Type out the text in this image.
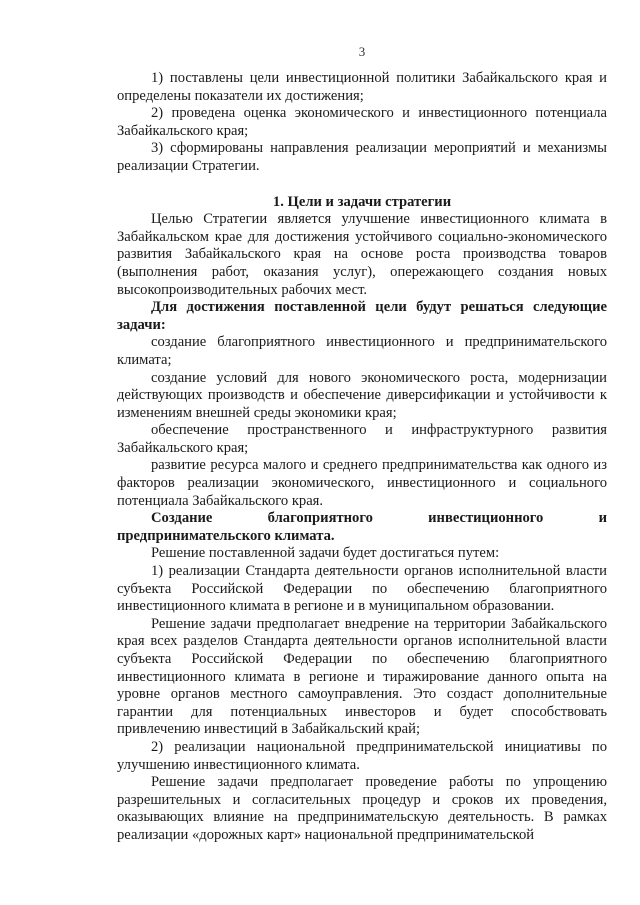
3

1) поставлены цели инвестиционной политики Забайкальского края и определены показатели их достижения;

2) проведена оценка экономического и инвестиционного потенциала Забайкальского края;

3) сформированы направления реализации мероприятий и механизмы реализации Стратегии.

1. Цели и задачи стратегии

Целью Стратегии является улучшение инвестиционного климата в Забайкальском крае для достижения устойчивого социально-экономического развития Забайкальского края на основе роста производства товаров (выполнения работ, оказания услуг), опережающего создания новых высокопроизводительных рабочих мест.

Для достижения поставленной цели будут решаться следующие задачи:

создание благоприятного инвестиционного и предпринимательского климата;

создание условий для нового экономического роста, модернизации действующих производств и обеспечение диверсификации и устойчивости к изменениям внешней среды экономики края;

обеспечение пространственного и инфраструктурного развития Забайкальского края;

развитие ресурса малого и среднего предпринимательства как одного из факторов реализации экономического, инвестиционного и социального потенциала Забайкальского края.

Создание благоприятного инвестиционного и предпринимательского климата.

Решение поставленной задачи будет достигаться путем:

1) реализации Стандарта деятельности органов исполнительной власти субъекта Российской Федерации по обеспечению благоприятного инвестиционного климата в регионе и в муниципальном образовании.

Решение задачи предполагает внедрение на территории Забайкальского края всех разделов Стандарта деятельности органов исполнительной власти субъекта Российской Федерации по обеспечению благоприятного инвестиционного климата в регионе и тиражирование данного опыта на уровне органов местного самоуправления. Это создаст дополнительные гарантии для потенциальных инвесторов и будет способствовать привлечению инвестиций в Забайкальский край;

2) реализации национальной предпринимательской инициативы по улучшению инвестиционного климата.

Решение задачи предполагает проведение работы по упрощению разрешительных и согласительных процедур и сроков их проведения, оказывающих влияние на предпринимательскую деятельность. В рамках реализации «дорожных карт» национальной предпринимательской
